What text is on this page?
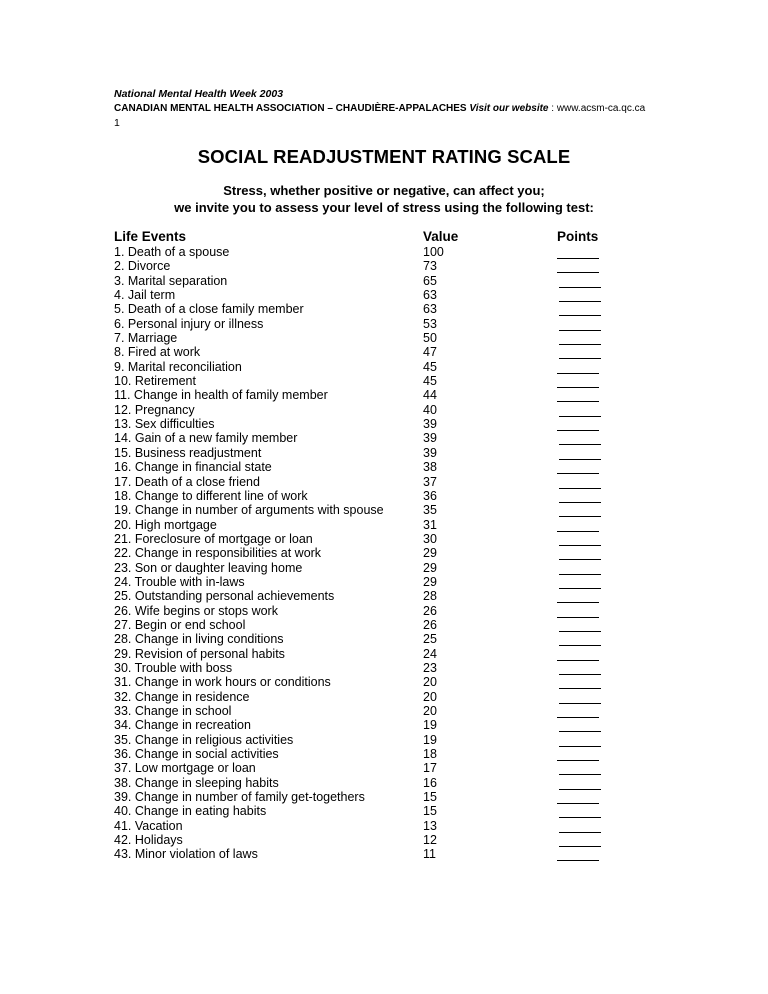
National Mental Health Week 2003
CANADIAN MENTAL HEALTH ASSOCIATION – CHAUDIÈRE-APPALACHES Visit our website : www.acsm-ca.qc.ca
1
SOCIAL READJUSTMENT RATING SCALE
Stress, whether positive or negative, can affect you;
we invite you to assess your level of stress using the following test:
Life Events	Value	Points
1. Death of a spouse	100
2. Divorce	73
3. Marital separation	65
4. Jail term	63
5. Death of a close family member	63
6. Personal injury or illness	53
7. Marriage	50
8. Fired at work	47
9. Marital reconciliation	45
10. Retirement	45
11. Change in health of family member	44
12. Pregnancy	40
13. Sex difficulties	39
14. Gain of a new family member	39
15. Business readjustment	39
16. Change in financial state	38
17. Death of a close friend	37
18. Change to different line of work	36
19. Change in number of arguments with spouse	35
20. High mortgage	31
21. Foreclosure of mortgage or loan	30
22. Change in responsibilities at work	29
23. Son or daughter leaving home	29
24. Trouble with in-laws	29
25. Outstanding personal achievements	28
26. Wife begins or stops work	26
27. Begin or end school	26
28. Change in living conditions	25
29. Revision of personal habits	24
30. Trouble with boss	23
31. Change in work hours or conditions	20
32. Change in residence	20
33. Change in school	20
34. Change in recreation	19
35. Change in religious activities	19
36. Change in social activities	18
37. Low mortgage or loan	17
38. Change in sleeping habits	16
39. Change in number of family get-togethers	15
40. Change in eating habits	15
41. Vacation	13
42. Holidays	12
43. Minor violation of laws	11
